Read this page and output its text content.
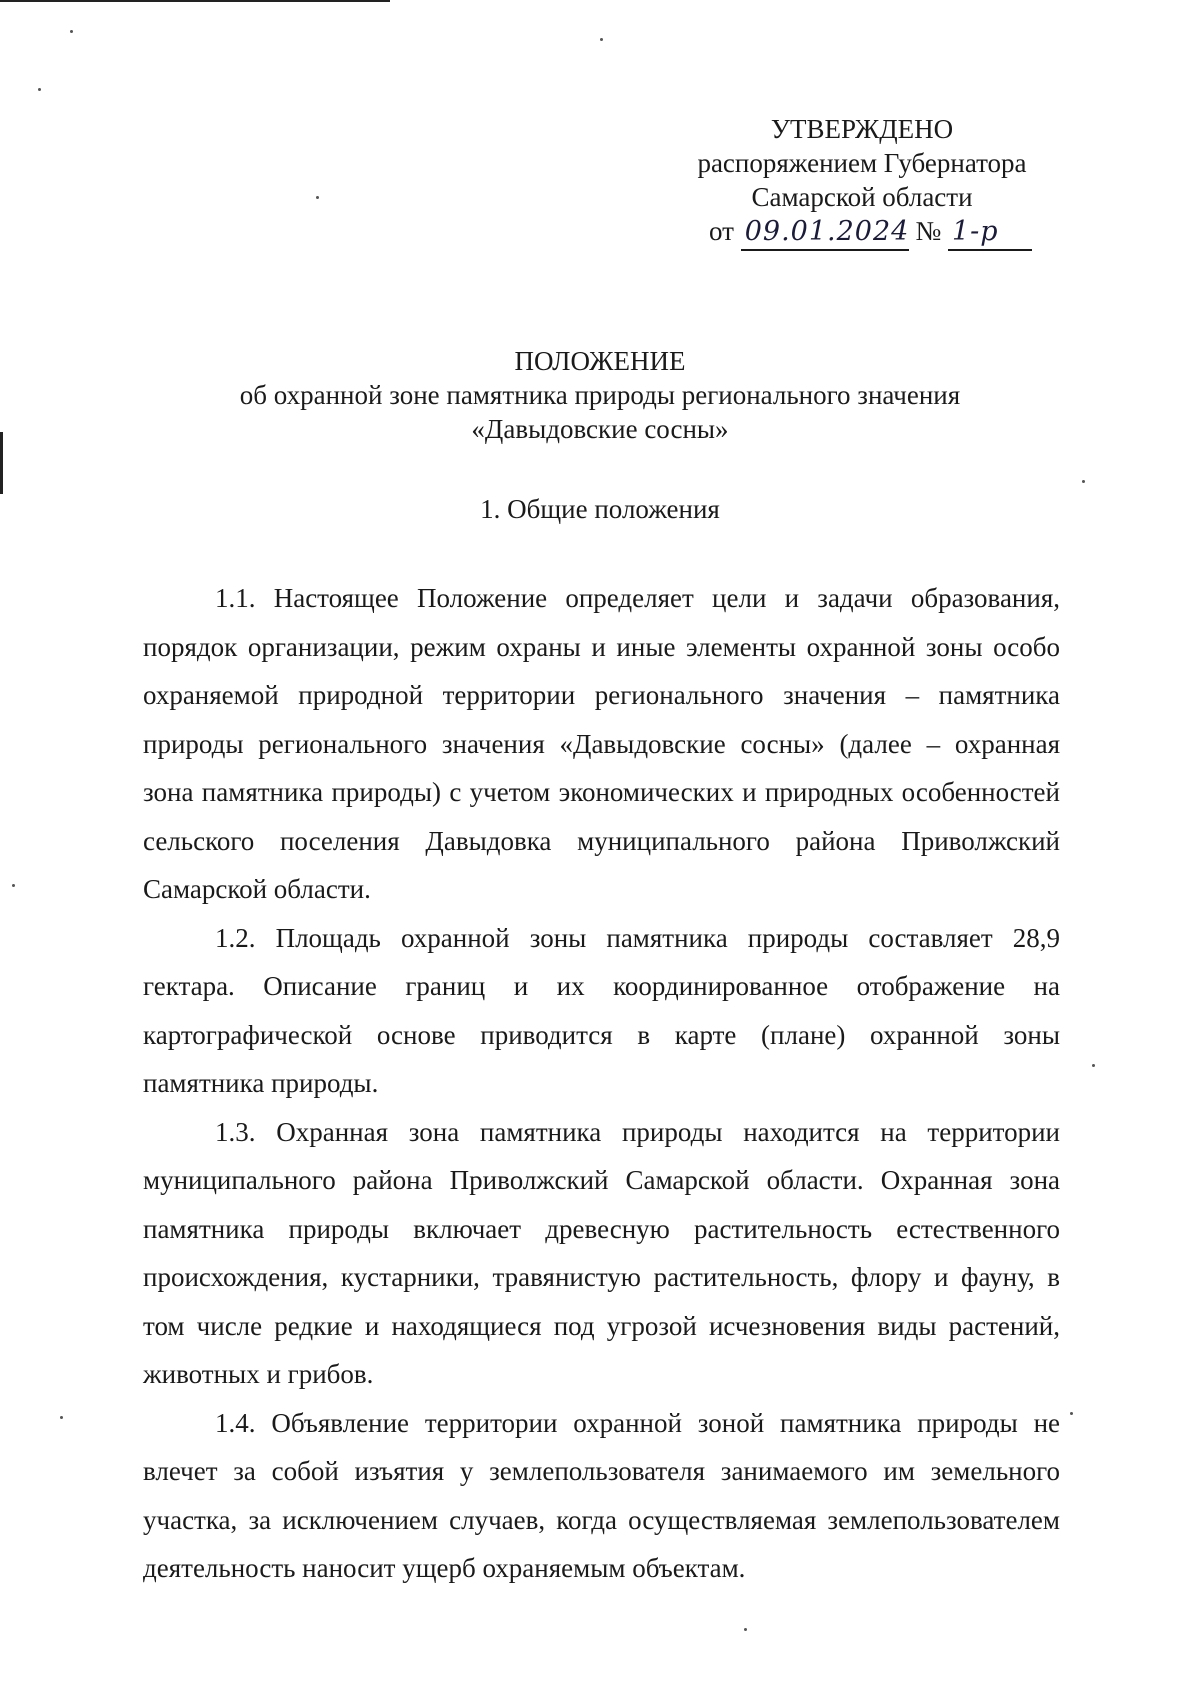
УТВЕРЖДЕНО
распоряжением Губернатора
Самарской области
от 09.01.2024 № 1-р
ПОЛОЖЕНИЕ
об охранной зоне памятника природы регионального значения
«Давыдовские сосны»
1. Общие положения

1.1. Настоящее Положение определяет цели и задачи образования, порядок организации, режим охраны и иные элементы охранной зоны особо охраняемой природной территории регионального значения – памятника природы регионального значения «Давыдовские сосны» (далее – охранная зона памятника природы) с учетом экономических и природных особенностей сельского поселения Давыдовка муниципального района Приволжский Самарской области.

1.2. Площадь охранной зоны памятника природы составляет 28,9 гектара. Описание границ и их координированное отображение на картографической основе приводится в карте (плане) охранной зоны памятника природы.

1.3. Охранная зона памятника природы находится на территории муниципального района Приволжский Самарской области. Охранная зона памятника природы включает древесную растительность естественного происхождения, кустарники, травянистую растительность, флору и фауну, в том числе редкие и находящиеся под угрозой исчезновения виды растений, животных и грибов.

1.4. Объявление территории охранной зоной памятника природы не влечет за собой изъятия у землепользователя занимаемого им земельного участка, за исключением случаев, когда осуществляемая землепользователем деятельность наносит ущерб охраняемым объектам.
